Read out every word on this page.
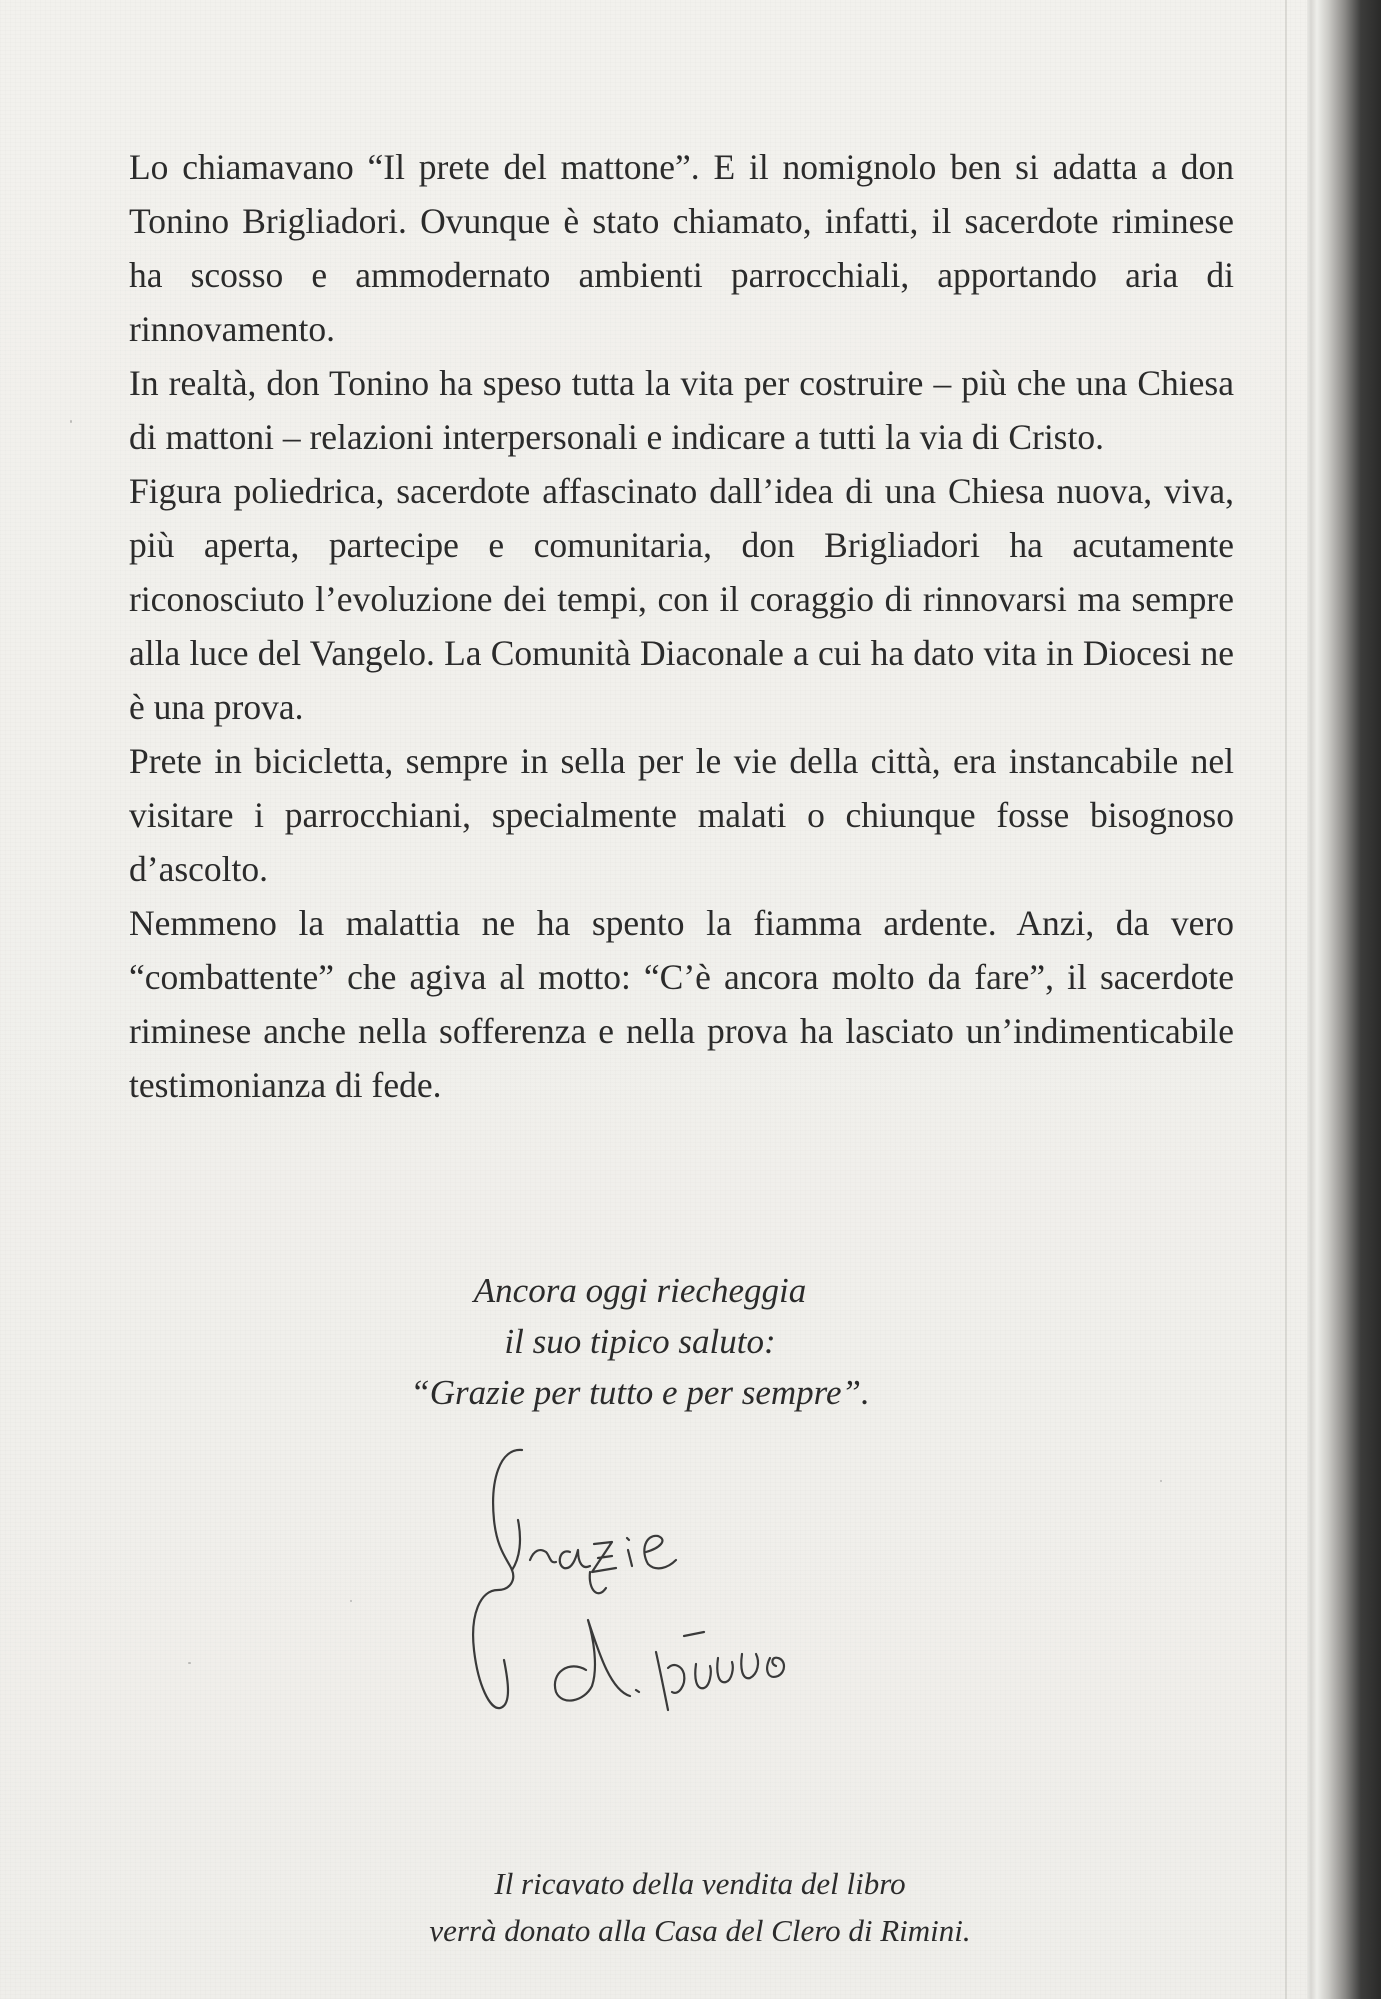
Lo chiamavano “Il prete del mattone”. E il nomignolo ben si adatta a don Tonino Brigliadori. Ovunque è stato chiamato, infatti, il sacerdote riminese ha scosso e ammodernato ambienti parrocchiali, apportando aria di rinnovamento.

In realtà, don Tonino ha speso tutta la vita per costruire – più che una Chiesa di mattoni – relazioni interpersonali e indicare a tutti la via di Cristo.

Figura poliedrica, sacerdote affascinato dall’idea di una Chiesa nuova, viva, più aperta, partecipe e comunitaria, don Brigliadori ha acutamente riconosciuto l’evoluzione dei tempi, con il coraggio di rinnovarsi ma sempre alla luce del Vangelo. La Comunità Diaconale a cui ha dato vita in Diocesi ne è una prova.

Prete in bicicletta, sempre in sella per le vie della città, era instancabile nel visitare i parrocchiani, specialmente malati o chiunque fosse bisognoso d’ascolto.

Nemmeno la malattia ne ha spento la fiamma ardente. Anzi, da vero “combattente” che agiva al motto: “C’è ancora molto da fare”, il sacerdote riminese anche nella sofferenza e nella prova ha lasciato un’indimenticabile testimonianza di fede.

Ancora oggi riecheggia
il suo tipico saluto:
“Grazie per tutto e per sempre”.
Il ricavato della vendita del libro
verrà donato alla Casa del Clero di Rimini.
